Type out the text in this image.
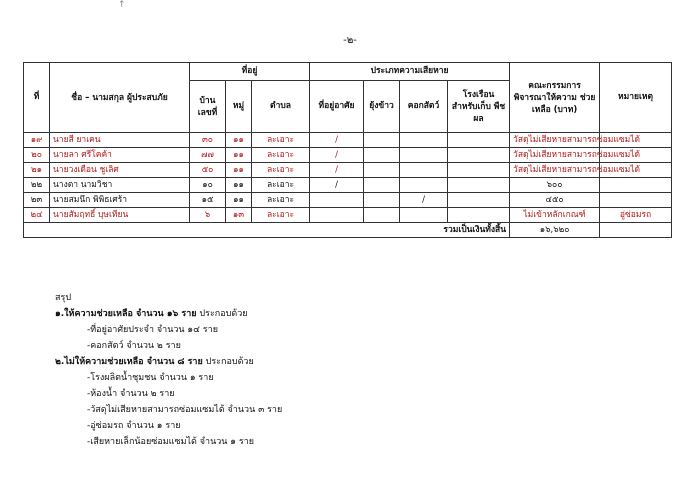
↑
-๒-
ที่	ชื่อ – นามสกุล ผู้ประสบภัย	ที่อยู่			ประเภทความเสียหาย				คณะกรรมการ พิจารณาให้ความ ช่วยเหลือ (บาท)	หมายเหตุ
		บ้าน เลขที่	หมู่	ตำบล	ที่อยู่อาศัย	ยุ้งข้าว	คอกสัตว์	โรงเรือน สำหรับเก็บ พืชผล		
๑๙	นายสี ยาเคน	๓๐	๑๑	ละเอาะ	/				วัสดุไม่เสียหายสามารถซ่อมแซมได้	
๒๐	นายลา ศรีโคค้า	๗๗	๑๑	ละเอาะ	/				วัสดุไม่เสียหายสามารถซ่อมแซมได้	
๒๑	นายวงเดือน ชูเลิศ	๕๐	๑๑	ละเอาะ	/				วัสดุไม่เสียหายสามารถซ่อมแซมได้	
๒๒	นางตา นามวิชา	๑๐	๑๑	ละเอาะ	/				๖๐๐	
๒๓	นายสมนึก พิพิธเศร้า	๑๕	๑๑	ละเอาะ			/		๔๕๐	
๒๔	นายสัมฤทธิ์ บุษเทียน	๖	๑๓	ละเอาะ					ไม่เข้าหลักเกณฑ์	อู่ซ่อมรถ
รวมเป็นเงินทั้งสิ้น									๑๖,๖๒๐	
สรุป
๑.ให้ความช่วยเหลือ จำนวน ๑๖ ราย ประกอบด้วย
-ที่อยู่อาศัยประจำ จำนวน ๑๔ ราย
-คอกสัตว์ จำนวน ๒ ราย
๒.ไม่ให้ความช่วยเหลือ จำนวน ๘ ราย ประกอบด้วย
-โรงผลิตน้ำชุมชน จำนวน ๑ ราย
-ห้องน้ำ จำนวน ๒ ราย
-วัสดุไม่เสียหายสามารถซ่อมแซมได้ จำนวน ๓ ราย
-อู่ซ่อมรถ จำนวน ๑ ราย
-เสียหายเล็กน้อยซ่อมแซมได้ จำนวน ๑ ราย
